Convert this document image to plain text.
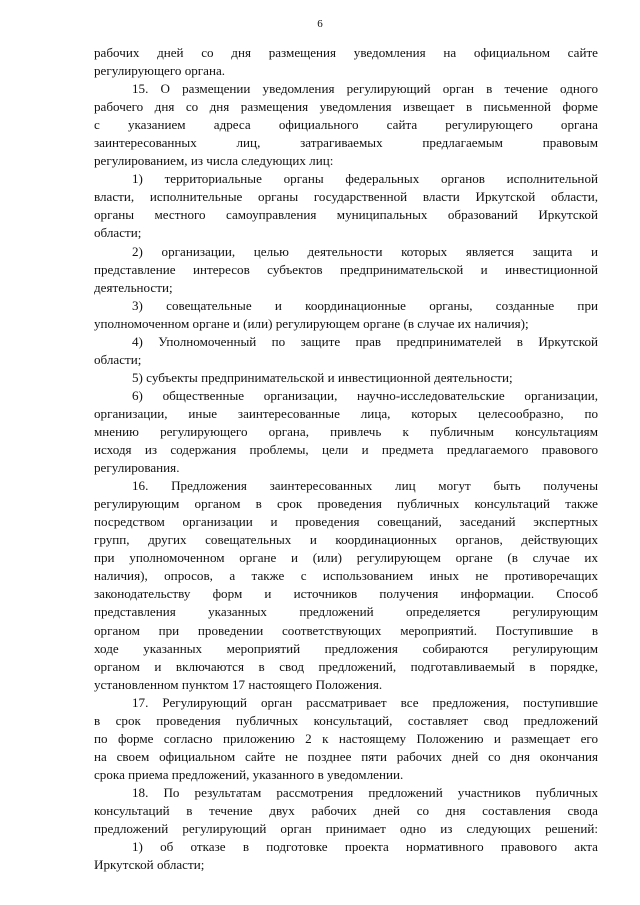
6
рабочих дней со дня размещения уведомления на официальном сайте
регулирующего органа.
15. О размещении уведомления регулирующий орган в течение одного
рабочего дня со дня размещения уведомления извещает в письменной форме
с указанием адреса официального сайта регулирующего органа
заинтересованных лиц, затрагиваемых предлагаемым правовым
регулированием, из числа следующих лиц:
1) территориальные органы федеральных органов исполнительной
власти, исполнительные органы государственной власти Иркутской области,
органы местного самоуправления муниципальных образований Иркутской
области;
2) организации, целью деятельности которых является защита и
представление интересов субъектов предпринимательской и инвестиционной
деятельности;
3) совещательные и координационные органы, созданные при
уполномоченном органе и (или) регулирующем органе (в случае их наличия);
4) Уполномоченный по защите прав предпринимателей в Иркутской
области;
5) субъекты предпринимательской и инвестиционной деятельности;
6) общественные организации, научно-исследовательские организации,
организации, иные заинтересованные лица, которых целесообразно, по
мнению регулирующего органа, привлечь к публичным консультациям
исходя из содержания проблемы, цели и предмета предлагаемого правового
регулирования.
16. Предложения заинтересованных лиц могут быть получены
регулирующим органом в срок проведения публичных консультаций также
посредством организации и проведения совещаний, заседаний экспертных
групп, других совещательных и координационных органов, действующих
при уполномоченном органе и (или) регулирующем органе (в случае их
наличия), опросов, а также с использованием иных не противоречащих
законодательству форм и источников получения информации. Способ
представления указанных предложений определяется регулирующим
органом при проведении соответствующих мероприятий. Поступившие в
ходе указанных мероприятий предложения собираются регулирующим
органом и включаются в свод предложений, подготавливаемый в порядке,
установленном пунктом 17 настоящего Положения.
17. Регулирующий орган рассматривает все предложения, поступившие
в срок проведения публичных консультаций, составляет свод предложений
по форме согласно приложению 2 к настоящему Положению и размещает его
на своем официальном сайте не позднее пяти рабочих дней со дня окончания
срока приема предложений, указанного в уведомлении.
18. По результатам рассмотрения предложений участников публичных
консультаций в течение двух рабочих дней со дня составления свода
предложений регулирующий орган принимает одно из следующих решений:
1) об отказе в подготовке проекта нормативного правового акта
Иркутской области;
